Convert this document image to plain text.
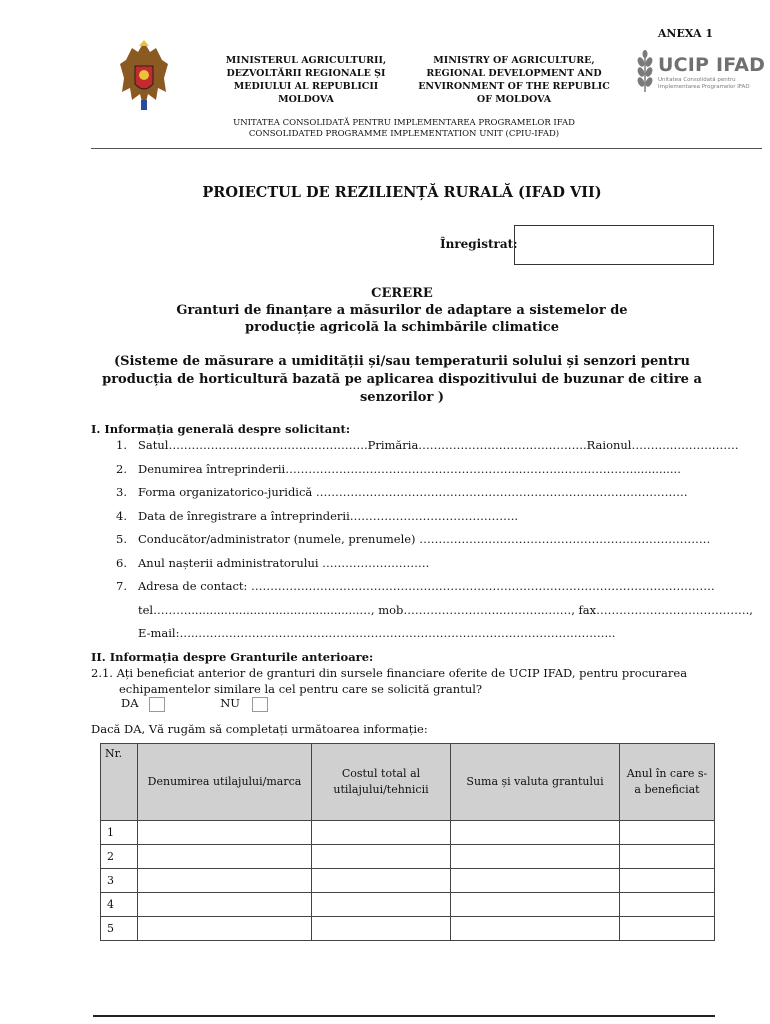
ANEXA 1
MINISTERUL AGRICULTURII,
DEZVOLTĂRII REGIONALE ȘI
MEDIULUI AL REPUBLICII
MOLDOVA
MINISTRY OF AGRICULTURE,
REGIONAL DEVELOPMENT AND
ENVIRONMENT OF THE REPUBLIC
OF MOLDOVA
UCIP IFAD
Unitatea Consolidată pentru Implementarea Programelor IFAD
UNITATEA CONSOLIDATĂ PENTRU IMPLEMENTAREA PROGRAMELOR IFAD
CONSOLIDATED PROGRAMME IMPLEMENTATION UNIT (CPIU-IFAD)
PROIECTUL DE REZILIENȚĂ RURALĂ (IFAD VII)
Înregistrat:
CERERE
Granturi de finanțare a măsurilor de adaptare a sistemelor de
producție agricolă la schimbările climatice
(Sisteme de măsurare a umidității și/sau temperaturii solului și senzori pentru
producția de horticultură bazată pe aplicarea dispozitivului de buzunar de citire a
senzorilor )
I. Informația generală despre solicitant:
1. Satul…………………………………………….Primăria……………………………………..Raionul……….………………
2. Denumirea întreprinderii……………………………………………………..……….………………..............
3. Forma organizatorico-juridică ………………………….…………………………………………………………
4. Data de înregistrare a întreprinderii……………………………………..
5. Conducător/administrator (numele, prenumele) ………………….………………………………………………
6. Anul nașterii administratorului ……………………….
7. Adresa de contact: ……………………………………………………….…………………………………………………
tel………...............................................…, mob……………………..………..….…, fax………………………………….,
E-mail:…..….…………………………………………………………………………………………...
II. Informația despre Granturile anterioare:
2.1. Ați beneficiat anterior de granturi din sursele financiare oferite de UCIP IFAD, pentru procurarea
echipamentelor similare la cel pentru care se solicită grantul?
DA	NU
Dacă DA, Vă rugăm să completați următoarea informație:
Nr.	Denumirea utilajului/marca	Costul total al utilajului/tehnicii	Suma și valuta grantului	Anul în care s-a beneficiat
1				
2				
3				
4				
5				
